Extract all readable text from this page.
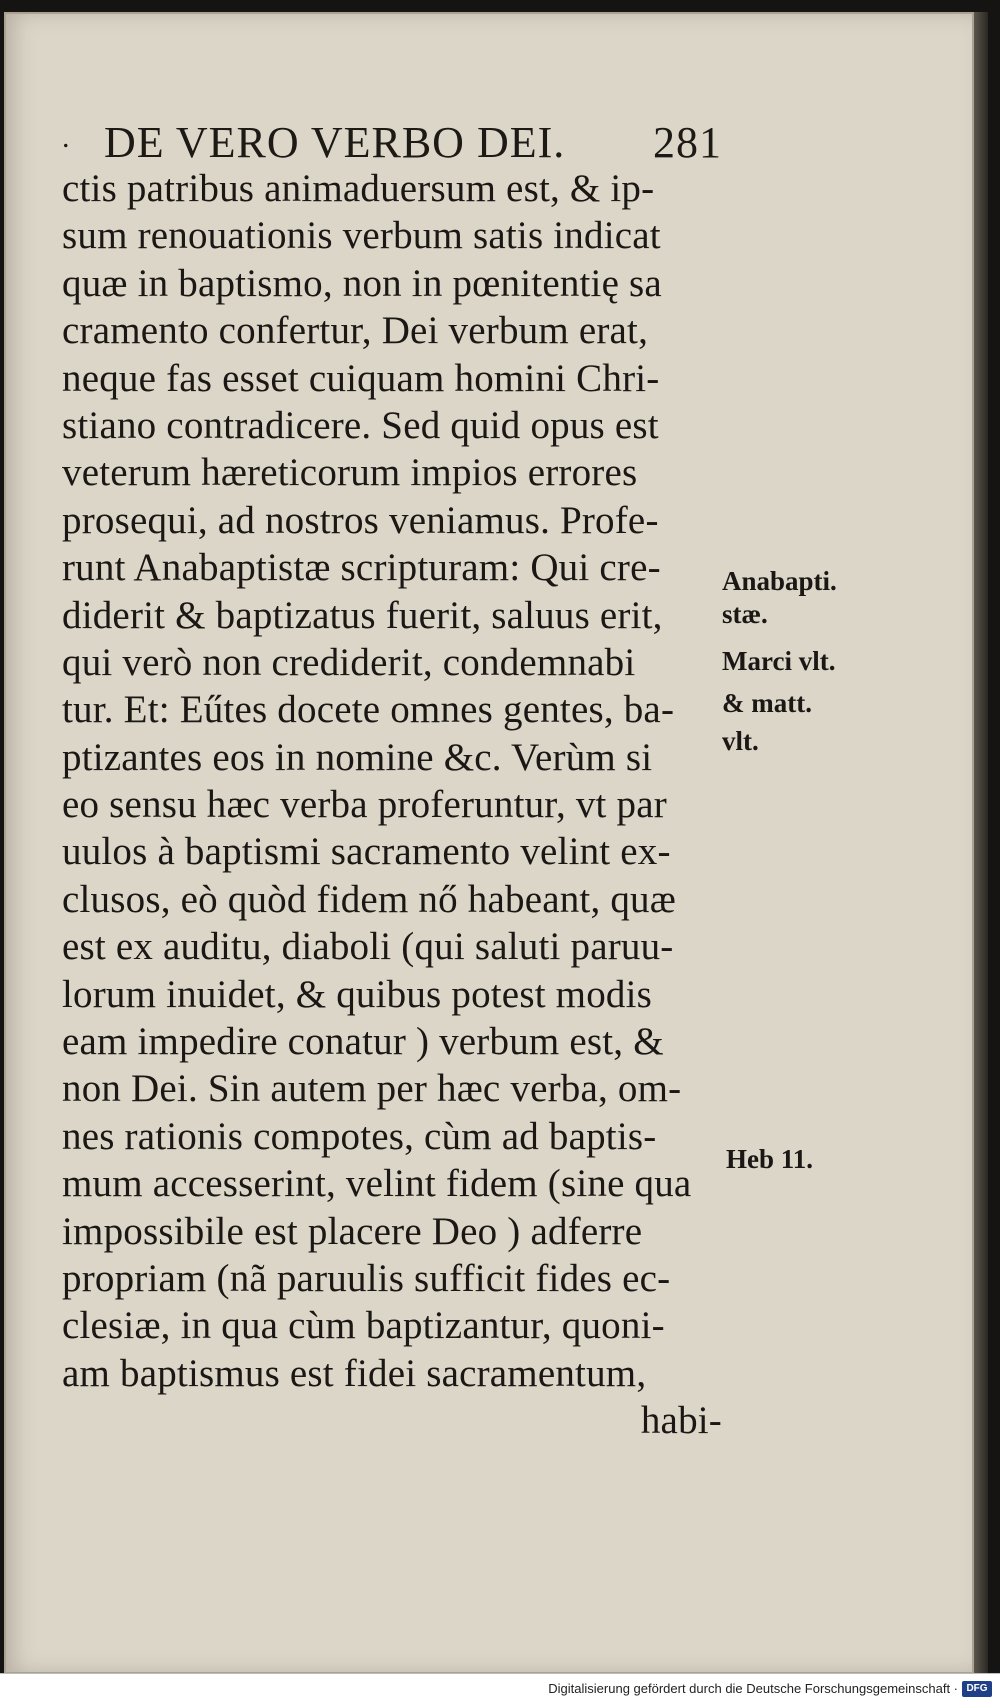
. DE VERO VERBO DEI. 281
ctis patribus animaduersum est, & ip-
sum renouationis verbum satis indicat
quæ in baptismo, non in pœnitentię sa
cramento confertur, Dei verbum erat,
neque fas esset cuiquam homini Chri-
stiano contradicere. Sed quid opus est
veterum hæreticorum impios errores
prosequi, ad nostros veniamus. Profe-
runt Anabaptistæ scripturam: Qui cre-
diderit & baptizatus fuerit, saluus erit,
qui verò non crediderit, condemnabi
tur. Et: Eűtes docete omnes gentes, ba-
ptizantes eos in nomine &c. Verùm si
eo sensu hæc verba proferuntur, vt par
uulos à baptismi sacramento velint ex-
clusos, eò quòd fidem nő habeant, quæ
est ex auditu, diaboli (qui saluti paruu-
lorum inuidet, & quibus potest modis
eam impedire conatur ) verbum est, &
non Dei. Sin autem per hæc verba, om-
nes rationis compotes, cùm ad baptis-
mum accesserint, velint fidem (sine qua
impossibile est placere Deo ) adferre
propriam (nã paruulis sufficit fides ec-
clesiæ, in qua cùm baptizantur, quoni-
am baptismus est fidei sacramentum,
habi-
Anabapti.
stæ.
Marci vlt.
& matt.
vlt.
Heb 11.
Digitalisierung gefördert durch die Deutsche Forschungsgemeinschaft · DFG
